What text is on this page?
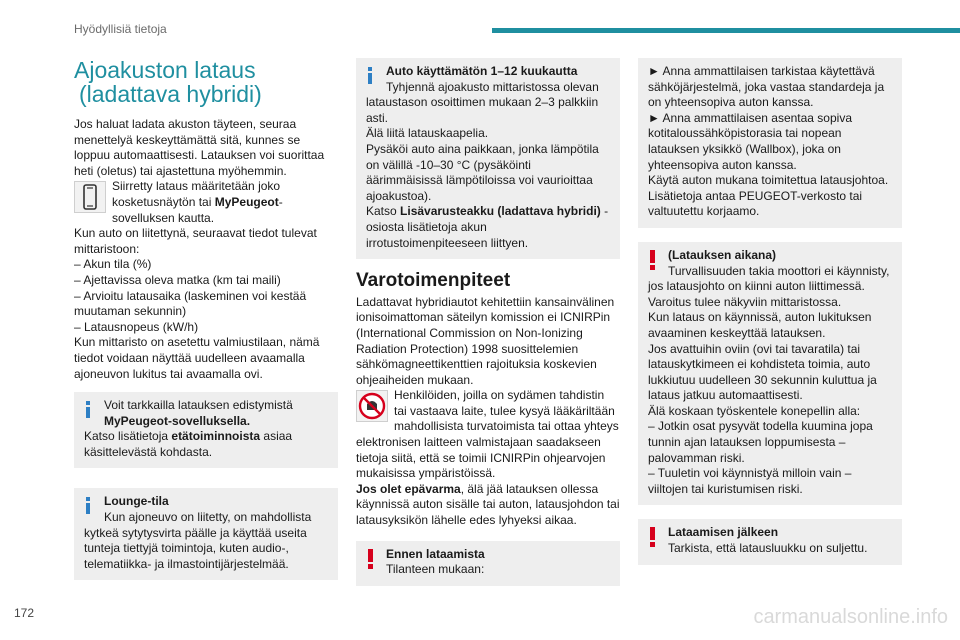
Hyödyllisiä tietoja
Ajoakuston lataus
(ladattava hybridi)

Jos haluat ladata akuston täyteen, seuraa menettelyä keskeyttämättä sitä, kunnes se loppuu automaattisesti. Latauksen voi suorittaa heti (oletus) tai ajastettuna myöhemmin.

Siirretty lataus määritetään joko kosketusnäytön tai MyPeugeot-sovelluksen kautta.

Kun auto on liitettynä, seuraavat tiedot tulevat mittaristoon:

– Akun tila (%)
– Ajettavissa oleva matka (km tai maili)
– Arvioitu latausaika (laskeminen voi kestää muutaman sekunnin)
– Latausnopeus (kW/h)

Kun mittaristo on asetettu valmiustilaan, nämä tiedot voidaan näyttää uudelleen avaamalla ajoneuvon lukitus tai avaamalla ovi.

Voit tarkkailla latauksen edistymistä
MyPeugeot-sovelluksella.
Katso lisätietoja etätoiminnoista asiaa käsittelevästä kohdasta.
Lounge-tila
Kun ajoneuvo on liitetty, on mahdollista kytkeä sytytysvirta päälle ja käyttää useita tunteja tiettyjä toimintoja, kuten audio-, telematiikka- ja ilmastointijärjestelmää.
Auto käyttämätön 1–12 kuukautta
Tyhjennä ajoakusto mittaristossa olevan lataustason osoittimen mukaan 2–3 palkkiin asti.
Älä liitä latauskaapelia.
Pysäköi auto aina paikkaan, jonka lämpötila on välillä -10–30 °C (pysäköinti äärimmäisissä lämpötiloissa voi vaurioittaa ajoakustoa).
Katso Lisävarusteakku (ladattava hybridi) -osiosta lisätietoja akun irrotustoimenpiteeseen liittyen.
Varotoimenpiteet

Ladattavat hybridiautot kehitettiin kansainvälinen ionisoimattoman säteilyn komission ei ICNIRPin (International Commission on Non-Ionizing Radiation Protection) 1998 suosittelemien sähkömagneettikenttien rajoituksia koskevien ohjeaiheiden mukaan.

Henkilöiden, joilla on sydämen tahdistin tai vastaava laite, tulee kysyä lääkäriltään mahdollisista turvatoimista tai ottaa yhteys elektronisen laitteen valmistajaan saadakseen tietoja siitä, että se toimii ICNIRPin ohjearvojen mukaisissa ympäristöissä.

Jos olet epävarma, älä jää latauksen ollessa käynnissä auton sisälle tai auton, latausjohdon tai latausyksikön lähelle edes lyhyeksi aikaa.

Ennen lataamista
Tilanteen mukaan:
► Anna ammattilaisen tarkistaa käytettävä sähköjärjestelmä, joka vastaa standardeja ja on yhteensopiva auton kanssa.
► Anna ammattilaisen asentaa sopiva kotitaloussähköpistorasia tai nopean latauksen yksikkö (Wallbox), joka on yhteensopiva auton kanssa.
Käytä auton mukana toimitettua latausjohtoa. Lisätietoja antaa PEUGEOT-verkosto tai valtuutettu korjaamo.
(Latauksen aikana)
Turvallisuuden takia moottori ei käynnisty, jos latausjohto on kiinni auton liittimessä. Varoitus tulee näkyviin mittaristossa.
Kun lataus on käynnissä, auton lukituksen avaaminen keskeyttää latauksen.
Jos avattuihin oviin (ovi tai tavaratila) tai latauskytkimeen ei kohdisteta toimia, auto lukkiutuu uudelleen 30 sekunnin kuluttua ja lataus jatkuu automaattisesti.
Älä koskaan työskentele konepellin alla:
– Jotkin osat pysyvät todella kuumina jopa tunnin ajan latauksen loppumisesta – palovamman riski.
– Tuuletin voi käynnistyä milloin vain – viiltojen tai kuristumisen riski.
Lataamisen jälkeen
Tarkista, että latausluukku on suljettu.
172	carmanualsonline.info
